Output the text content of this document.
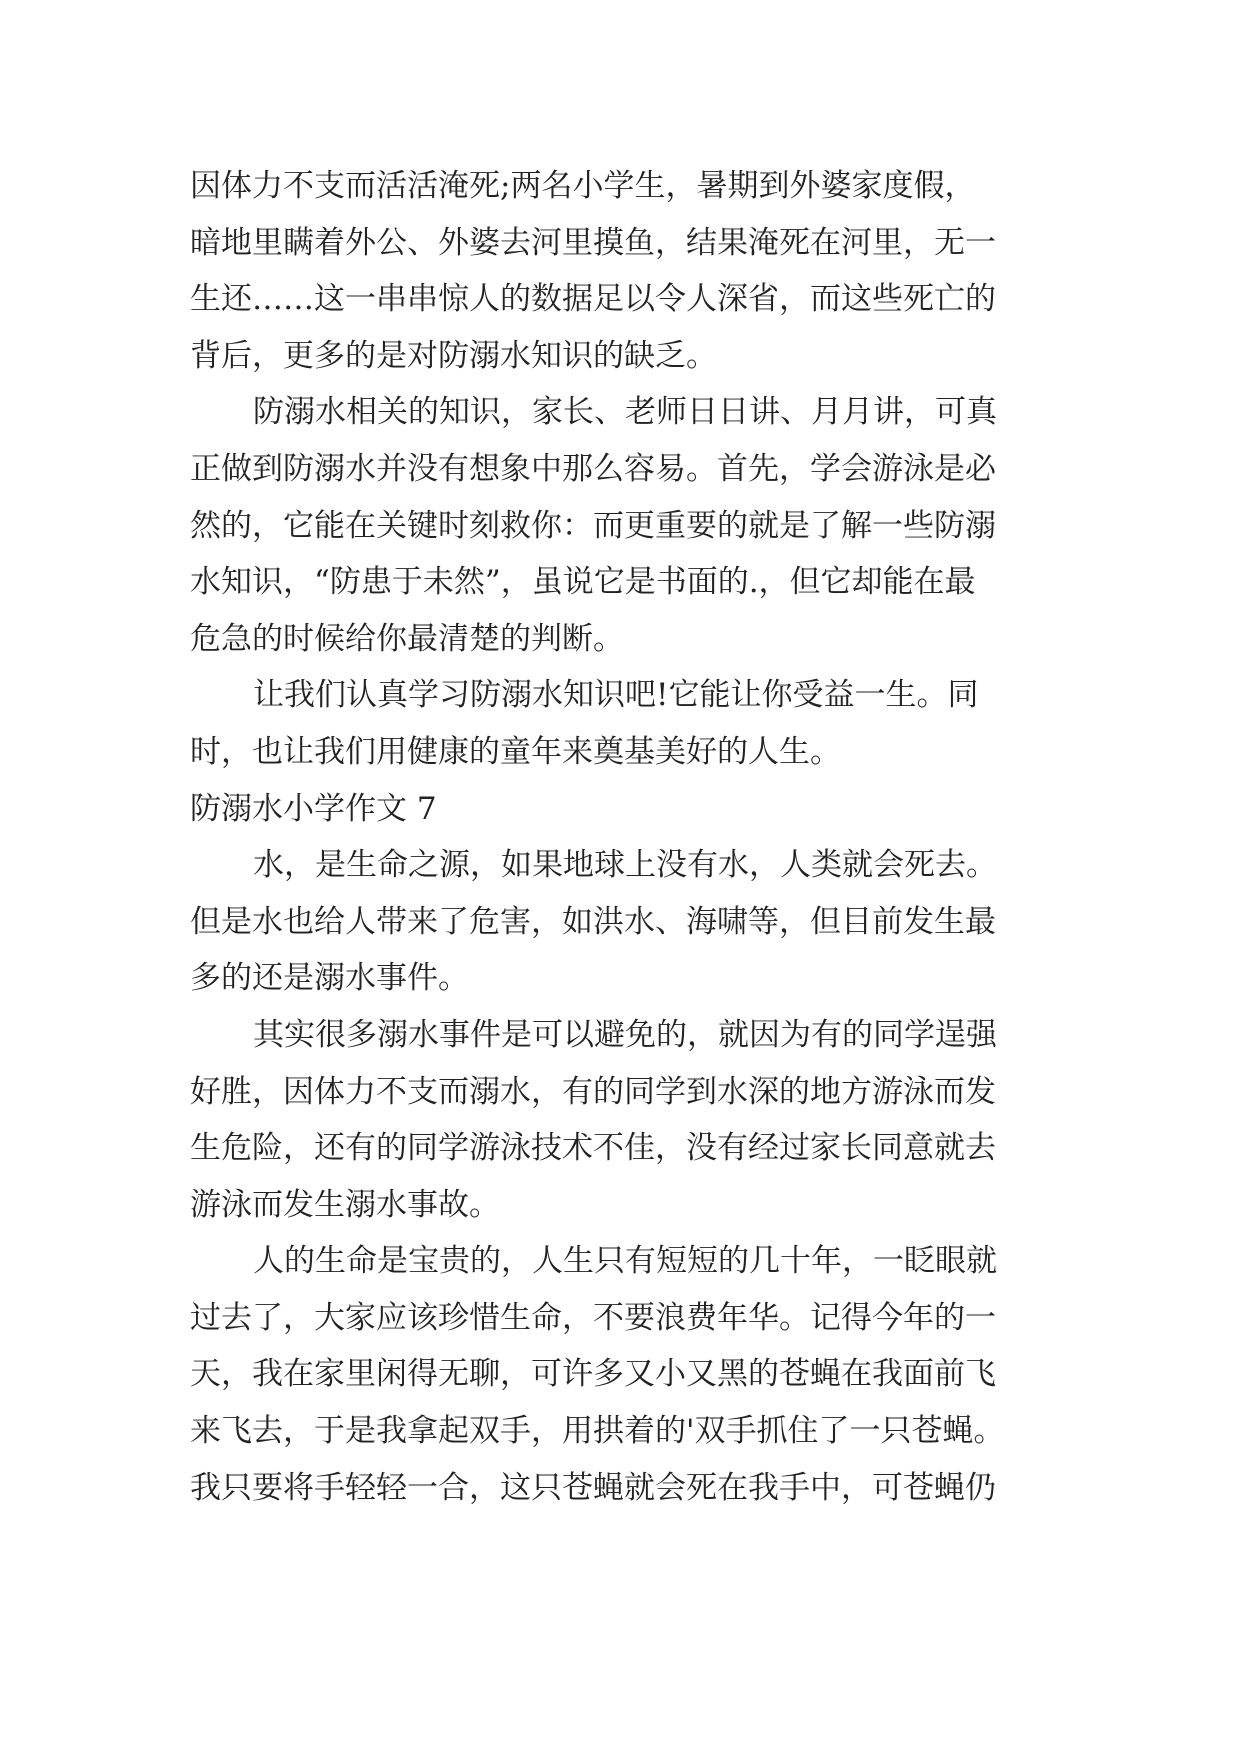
因体力不支而活活淹死;两名小学生，暑期到外婆家度假，
暗地里瞒着外公、外婆去河里摸鱼，结果淹死在河里，无一
生还……这一串串惊人的数据足以令人深省，而这些死亡的
背后，更多的是对防溺水知识的缺乏。
防溺水相关的知识，家长、老师日日讲、月月讲，可真
正做到防溺水并没有想象中那么容易。首先，学会游泳是必
然的，它能在关键时刻救你：而更重要的就是了解一些防溺
水知识，“防患于未然”，虽说它是书面的.，但它却能在最
危急的时候给你最清楚的判断。
让我们认真学习防溺水知识吧!它能让你受益一生。同
时，也让我们用健康的童年来奠基美好的人生。
防溺水小学作文 7
水，是生命之源，如果地球上没有水，人类就会死去。
但是水也给人带来了危害，如洪水、海啸等，但目前发生最
多的还是溺水事件。
其实很多溺水事件是可以避免的，就因为有的同学逞强
好胜，因体力不支而溺水，有的同学到水深的地方游泳而发
生危险，还有的同学游泳技术不佳，没有经过家长同意就去
游泳而发生溺水事故。
人的生命是宝贵的，人生只有短短的几十年，一眨眼就
过去了，大家应该珍惜生命，不要浪费年华。记得今年的一
天，我在家里闲得无聊，可许多又小又黑的苍蝇在我面前飞
来飞去，于是我拿起双手，用拱着的'双手抓住了一只苍蝇。
我只要将手轻轻一合，这只苍蝇就会死在我手中，可苍蝇仍
